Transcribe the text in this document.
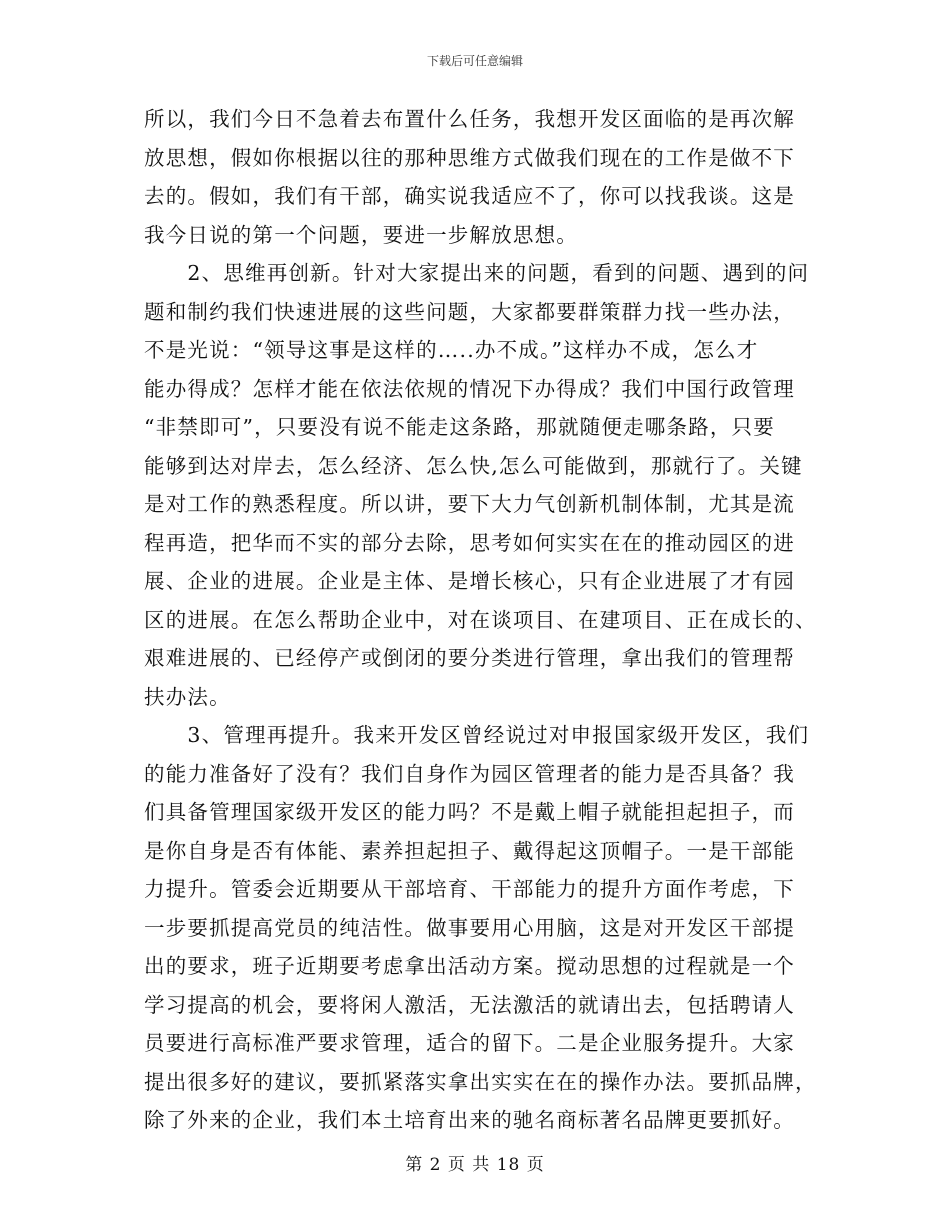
下载后可任意编辑
所以，我们今日不急着去布置什么任务，我想开发区面临的是再次解
放思想，假如你根据以往的那种思维方式做我们现在的工作是做不下
去的。假如，我们有干部，确实说我适应不了，你可以找我谈。这是
我今日说的第一个问题，要进一步解放思想。
　　2、思维再创新。针对大家提出来的问题，看到的问题、遇到的问
题和制约我们快速进展的这些问题，大家都要群策群力找一些办法，
不是光说：“领导这事是这样的…..办不成。”这样办不成，怎么才
能办得成？怎样才能在依法依规的情况下办得成？我们中国行政管理
“非禁即可”，只要没有说不能走这条路，那就随便走哪条路，只要
能够到达对岸去，怎么经济、怎么快,怎么可能做到，那就行了。关键
是对工作的熟悉程度。所以讲，要下大力气创新机制体制，尤其是流
程再造，把华而不实的部分去除，思考如何实实在在的推动园区的进
展、企业的进展。企业是主体、是增长核心，只有企业进展了才有园
区的进展。在怎么帮助企业中，对在谈项目、在建项目、正在成长的、
艰难进展的、已经停产或倒闭的要分类进行管理，拿出我们的管理帮
扶办法。
　　3、管理再提升。我来开发区曾经说过对申报国家级开发区，我们
的能力准备好了没有？我们自身作为园区管理者的能力是否具备？我
们具备管理国家级开发区的能力吗？不是戴上帽子就能担起担子，而
是你自身是否有体能、素养担起担子、戴得起这顶帽子。一是干部能
力提升。管委会近期要从干部培育、干部能力的提升方面作考虑，下
一步要抓提高党员的纯洁性。做事要用心用脑，这是对开发区干部提
出的要求，班子近期要考虑拿出活动方案。搅动思想的过程就是一个
学习提高的机会，要将闲人激活，无法激活的就请出去，包括聘请人
员要进行高标准严要求管理，适合的留下。二是企业服务提升。大家
提出很多好的建议，要抓紧落实拿出实实在在的操作办法。要抓品牌，
除了外来的企业，我们本土培育出来的驰名商标著名品牌更要抓好。
第 2 页 共 18 页
